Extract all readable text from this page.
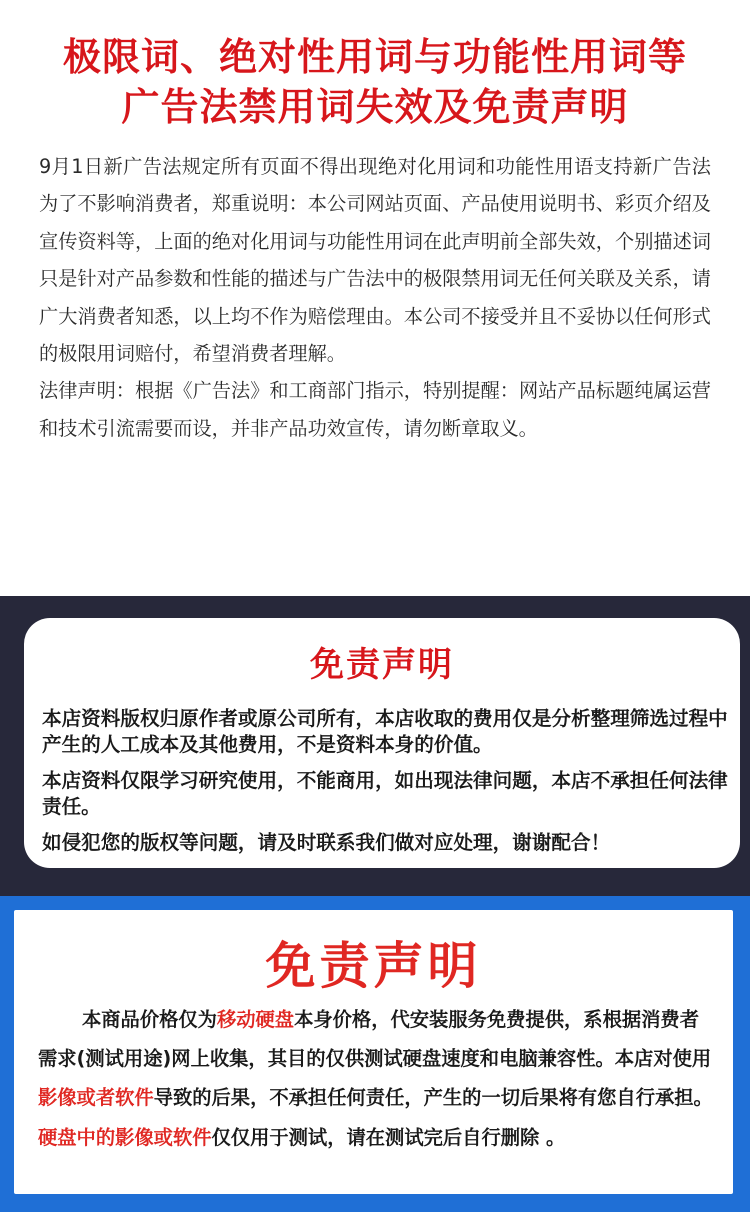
极限词、绝对性用词与功能性用词等
广告法禁用词失效及免责声明

9月1日新广告法规定所有页面不得出现绝对化用词和功能性用语支持新广告法为了不影响消费者，郑重说明：本公司网站页面、产品使用说明书、彩页介绍及宣传资料等，上面的绝对化用词与功能性用词在此声明前全部失效，个别描述词只是针对产品参数和性能的描述与广告法中的极限禁用词无任何关联及关系，请广大消费者知悉，以上均不作为赔偿理由。本公司不接受并且不妥协以任何形式的极限用词赔付，希望消费者理解。

法律声明：根据《广告法》和工商部门指示，特别提醒：网站产品标题纯属运营和技术引流需要而设，并非产品功效宣传，请勿断章取义。

免责声明

本店资料版权归原作者或原公司所有，本店收取的费用仅是分析整理筛选过程中产生的人工成本及其他费用，不是资料本身的价值。

本店资料仅限学习研究使用，不能商用，如出现法律问题，本店不承担任何法律责任。

如侵犯您的版权等问题，请及时联系我们做对应处理，谢谢配合！

免责声明
本商品价格仅为移动硬盘本身价格，代安装服务免费提供，系根据消费者需求(测试用途)网上收集，其目的仅供测试硬盘速度和电脑兼容性。本店对使用影像或者软件导致的后果，不承担任何责任，产生的一切后果将有您自行承担。硬盘中的影像或软件仅仅用于测试，请在测试完后自行删除 。
